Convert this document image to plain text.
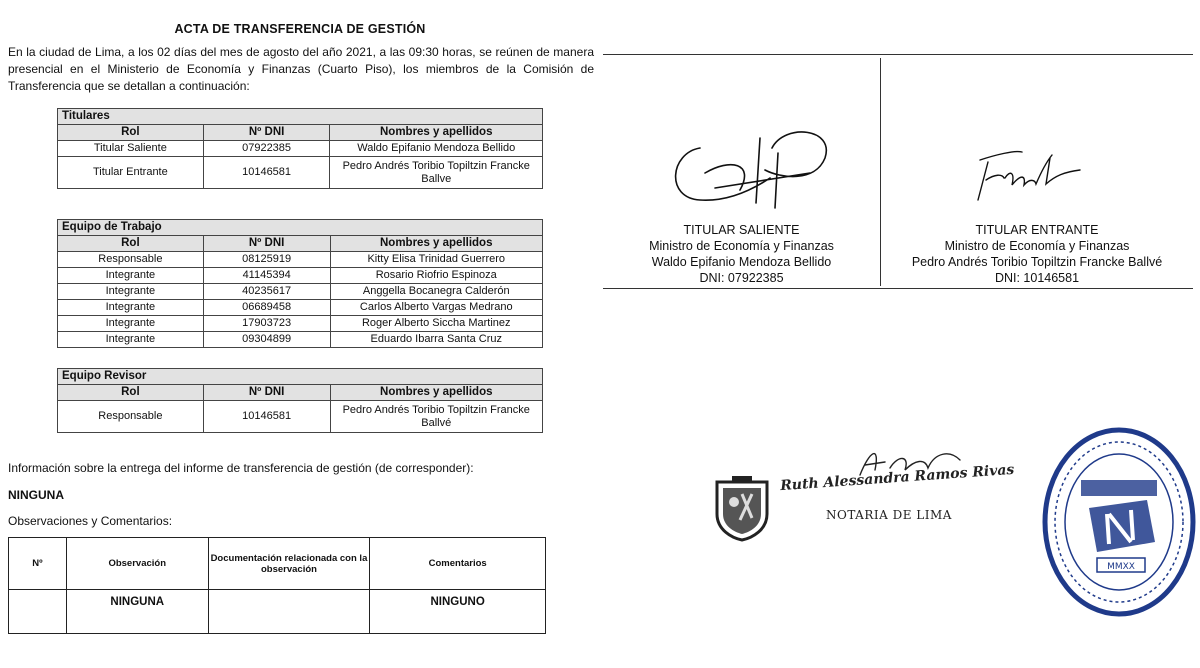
ACTA DE TRANSFERENCIA DE GESTIÓN
En la ciudad de Lima, a los 02 días del mes de agosto del año 2021, a las 09:30 horas, se reúnen de manera presencial en el Ministerio de Economía y Finanzas (Cuarto Piso), los miembros de la Comisión de Transferencia que se detallan a continuación:
Titulares		
Rol	Nº DNI	Nombres y apellidos
Titular Saliente	07922385	Waldo Epifanio Mendoza Bellido
Titular Entrante	10146581	Pedro Andrés Toribio Topiltzin Francke Ballve
Equipo de Trabajo		
Rol	Nº DNI	Nombres y apellidos
Responsable	08125919	Kitty Elisa Trinidad Guerrero
Integrante	41145394	Rosario Riofrio Espinoza
Integrante	40235617	Anggella Bocanegra Calderón
Integrante	06689458	Carlos Alberto Vargas Medrano
Integrante	17903723	Roger Alberto Siccha Martinez
Integrante	09304899	Eduardo Ibarra Santa Cruz
Equipo Revisor		
Rol	Nº DNI	Nombres y apellidos
Responsable	10146581	Pedro Andrés Toribio Topiltzin Francke Ballvé
Información sobre la entrega del informe de transferencia de gestión (de corresponder):
NINGUNA
Observaciones y Comentarios:
Nº	Observación	Documentación relacionada con la observación	Comentarios
	NINGUNA		NINGUNO
TITULAR SALIENTE
Ministro de Economía y Finanzas
Waldo Epifanio Mendoza Bellido
DNI: 07922385
TITULAR ENTRANTE
Ministro de Economía y Finanzas
Pedro Andrés Toribio Topiltzin Francke Ballvé
DNI: 10146581
Ruth Alessandra Ramos Rivas
NOTARIA DE LIMA
MMXX
